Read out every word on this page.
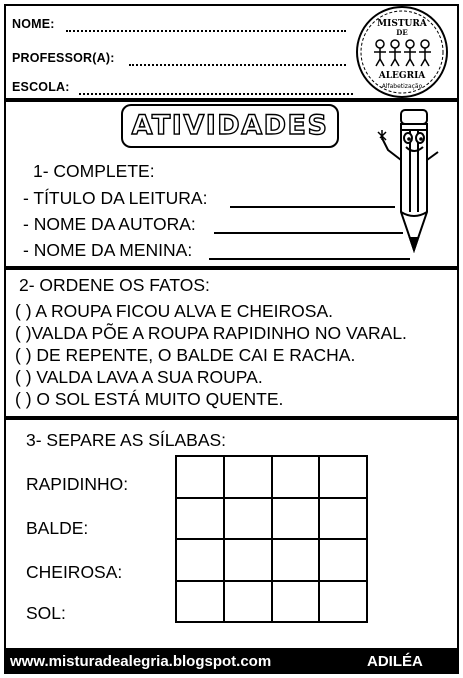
NOME:
PROFESSOR(A):
ESCOLA:
MISTURA
DE
ALEGRIA
Alfabetização
ATIVIDADES
1- COMPLETE:
- TÍTULO DA LEITURA:
- NOME DA AUTORA:
- NOME DA MENINA:
2- ORDENE OS FATOS:
( ) A ROUPA FICOU ALVA E CHEIROSA.
( )VALDA PÕE A ROUPA RAPIDINHO NO VARAL.
( ) DE REPENTE, O BALDE CAI E RACHA.
( ) VALDA LAVA A SUA ROUPA.
( ) O SOL ESTÁ MUITO QUENTE.
3- SEPARE AS SÍLABAS:
RAPIDINHO:
BALDE:
CHEIROSA:
SOL:

www.misturadealegria.blogspot.com	ADILÉA
